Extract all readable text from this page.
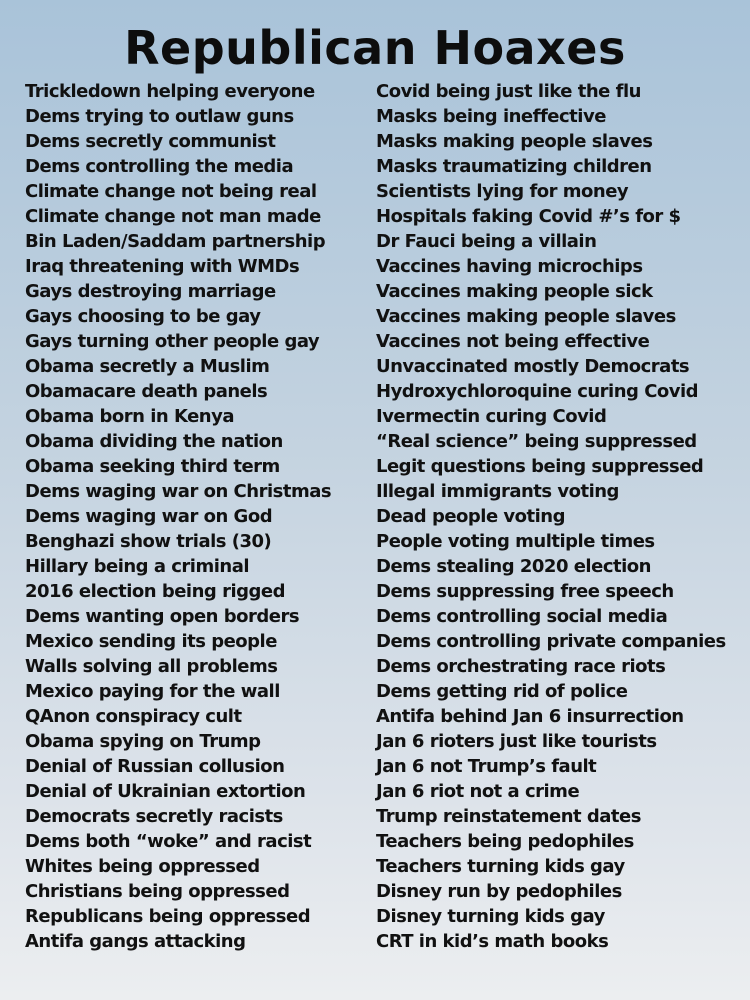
Republican Hoaxes
Trickledown helping everyone
Dems trying to outlaw guns
Dems secretly communist
Dems controlling the media
Climate change not being real
Climate change not man made
Bin Laden/Saddam partnership
Iraq threatening with WMDs
Gays destroying marriage
Gays choosing to be gay
Gays turning other people gay
Obama secretly a Muslim
Obamacare death panels
Obama born in Kenya
Obama dividing the nation
Obama seeking third term
Dems waging war on Christmas
Dems waging war on God
Benghazi show trials (30)
Hillary being a criminal
2016 election being rigged
Dems wanting open borders
Mexico sending its people
Walls solving all problems
Mexico paying for the wall
QAnon conspiracy cult
Obama spying on Trump
Denial of Russian collusion
Denial of Ukrainian extortion
Democrats secretly racists
Dems both “woke” and racist
Whites being oppressed
Christians being oppressed
Republicans being oppressed
Antifa gangs attacking
Covid being just like the flu
Masks being ineffective
Masks making people slaves
Masks traumatizing children
Scientists lying for money
Hospitals faking Covid #’s for $
Dr Fauci being a villain
Vaccines having microchips
Vaccines making people sick
Vaccines making people slaves
Vaccines not being effective
Unvaccinated mostly Democrats
Hydroxychloroquine curing Covid
Ivermectin curing Covid
“Real science” being suppressed
Legit questions being suppressed
Illegal immigrants voting
Dead people voting
People voting multiple times
Dems stealing 2020 election
Dems suppressing free speech
Dems controlling social media
Dems controlling private companies
Dems orchestrating race riots
Dems getting rid of police
Antifa behind Jan 6 insurrection
Jan 6 rioters just like tourists
Jan 6 not Trump’s fault
Jan 6 riot not a crime
Trump reinstatement dates
Teachers being pedophiles
Teachers turning kids gay
Disney run by pedophiles
Disney turning kids gay
CRT in kid’s math books
